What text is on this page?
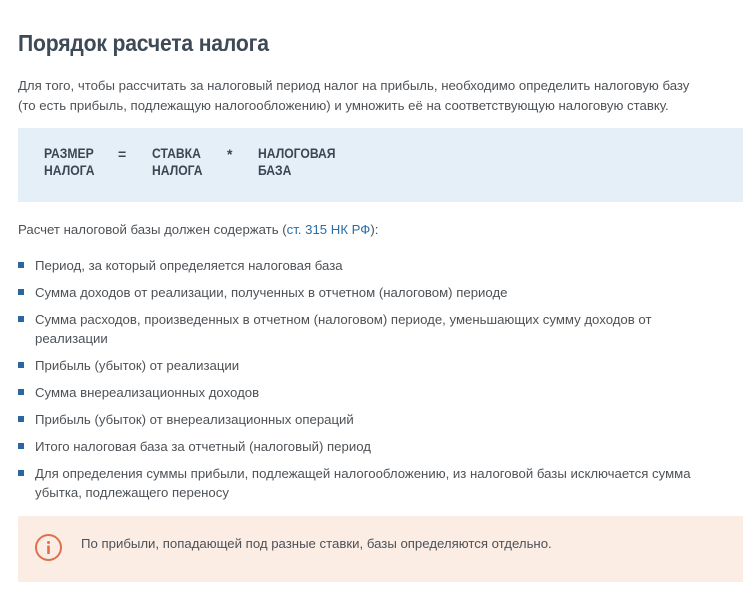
Порядок расчета налога
Для того, чтобы рассчитать за налоговый период налог на прибыль, необходимо определить налоговую базу
(то есть прибыль, подлежащую налогообложению) и умножить её на соответствующую налоговую ставку.
РАЗМЕР
НАЛОГА
= СТАВКА
НАЛОГА
* НАЛОГОВАЯ
БАЗА
Расчет налоговой базы должен содержать (ст. 315 НК РФ):
Период, за который определяется налоговая база
Сумма доходов от реализации, полученных в отчетном (налоговом) периоде
Сумма расходов, произведенных в отчетном (налоговом) периоде, уменьшающих сумму доходов от
реализации
Прибыль (убыток) от реализации
Сумма внереализационных доходов
Прибыль (убыток) от внереализационных операций
Итого налоговая база за отчетный (налоговый) период
Для определения суммы прибыли, подлежащей налогообложению, из налоговой базы исключается сумма
убытка, подлежащего переносу
По прибыли, попадающей под разные ставки, базы определяются отдельно.
